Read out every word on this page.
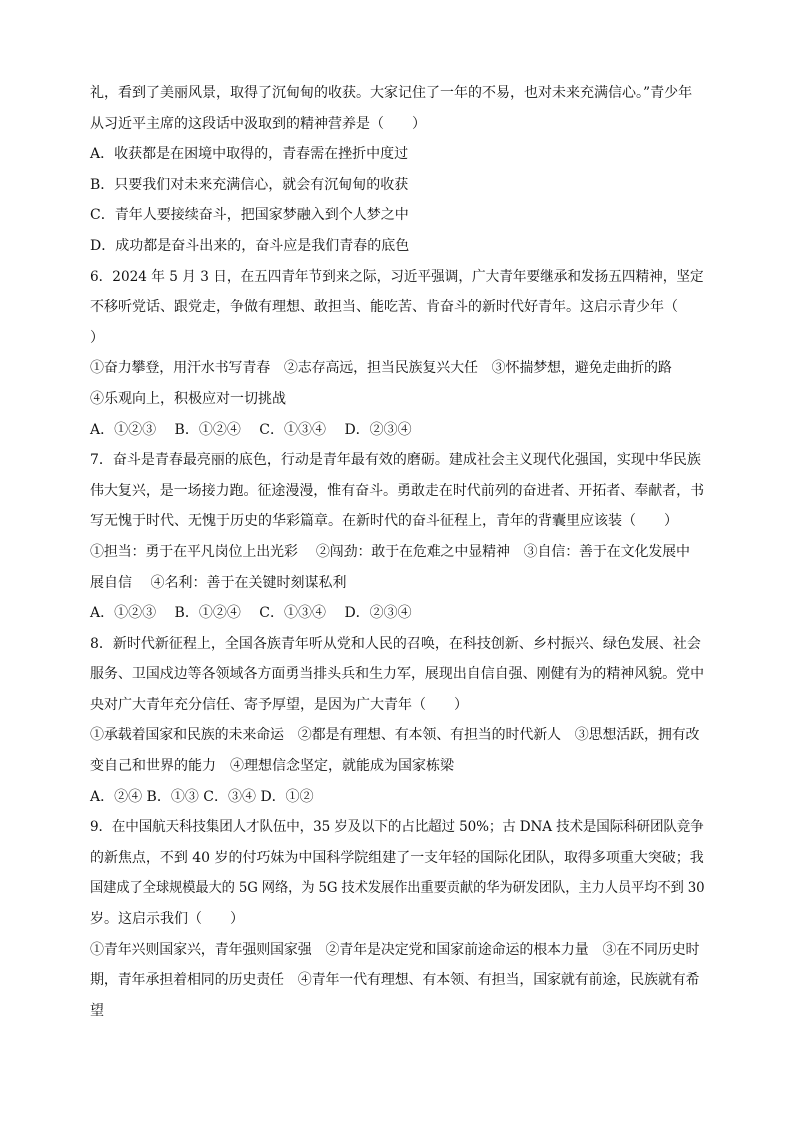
礼，看到了美丽风景，取得了沉甸甸的收获。大家记住了一年的不易，也对未来充满信心。”青少年
从习近平主席的这段话中汲取到的精神营养是（　　）
A．收获都是在困境中取得的，青春需在挫折中度过
B．只要我们对未来充满信心，就会有沉甸甸的收获
C．青年人要接续奋斗，把国家梦融入到个人梦之中
D．成功都是奋斗出来的，奋斗应是我们青春的底色
6．2024 年 5 月 3 日，在五四青年节到来之际，习近平强调，广大青年要继承和发扬五四精神，坚定
不移听党话、跟党走，争做有理想、敢担当、能吃苦、肯奋斗的新时代好青年。这启示青少年（
）
①奋力攀登，用汗水书写青春　②志存高远，担当民族复兴大任　③怀揣梦想，避免走曲折的路
④乐观向上，积极应对一切挑战
A．①②③　 B．①②④　 C．①③④　 D．②③④
7．奋斗是青春最亮丽的底色，行动是青年最有效的磨砺。建成社会主义现代化强国，实现中华民族
伟大复兴，是一场接力跑。征途漫漫，惟有奋斗。勇敢走在时代前列的奋进者、开拓者、奉献者，书
写无愧于时代、无愧于历史的华彩篇章。在新时代的奋斗征程上，青年的背囊里应该装（　　）
①担当：勇于在平凡岗位上出光彩　 ②闯劲：敢于在危难之中显精神　③自信：善于在文化发展中
展自信　 ④名利：善于在关键时刻谋私利
A．①②③　 B．①②④　 C．①③④　 D．②③④
8．新时代新征程上，全国各族青年听从党和人民的召唤，在科技创新、乡村振兴、绿色发展、社会
服务、卫国戍边等各领域各方面勇当排头兵和生力军，展现出自信自强、刚健有为的精神风貌。党中
央对广大青年充分信任、寄予厚望，是因为广大青年（　　）
①承载着国家和民族的未来命运　②都是有理想、有本领、有担当的时代新人　③思想活跃，拥有改
变自己和世界的能力　④理想信念坚定，就能成为国家栋梁
A．②④ B．①③ C．③④ D．①②
9．在中国航天科技集团人才队伍中，35 岁及以下的占比超过 50%；古 DNA 技术是国际科研团队竞争
的新焦点，不到 40 岁的付巧妹为中国科学院组建了一支年轻的国际化团队，取得多项重大突破；我
国建成了全球规模最大的 5G 网络，为 5G 技术发展作出重要贡献的华为研发团队，主力人员平均不到 30
岁。这启示我们（　　）
①青年兴则国家兴，青年强则国家强　②青年是决定党和国家前途命运的根本力量　③在不同历史时
期，青年承担着相同的历史责任　④青年一代有理想、有本领、有担当，国家就有前途，民族就有希
望
